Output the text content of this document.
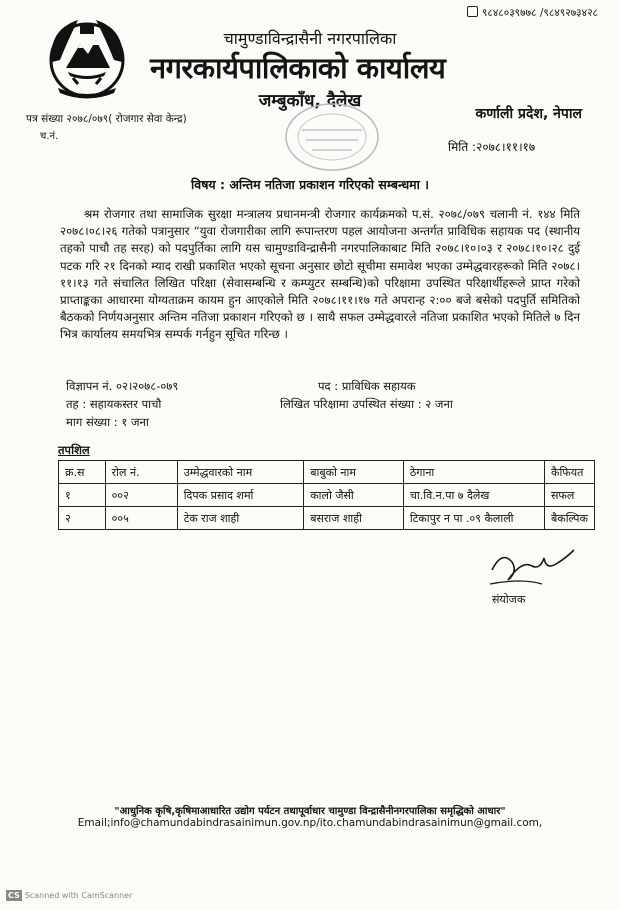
९८४८०३९७७८ /९८४९२७३४२८
चामुण्डाविन्द्रासैनी नगरपालिका
नगरकार्यपालिकाको कार्यालय
जम्बुकाँध, दैलेख
कर्णाली प्रदेश, नेपाल
पत्र संख्या २०७८/०७९( रोजगार सेवा केन्द्र)
च.नं.
मिति :२०७८।११।१७
विषय : अन्तिम नतिजा प्रकाशन गरिएको सम्बन्धमा ।
श्रम रोजगार तथा सामाजिक सुरक्षा मन्त्रालय प्रधानमन्त्री रोजगार कार्यक्रमको प.सं. २०७८/०७९ चलानी नं. १४४ मिति २०७८।०८।२६ गतेको पत्रानुसार “युवा रोजगारीका लागि रूपान्तरण पहल आयोजना अन्तर्गत प्राविधिक सहायक पद (स्थानीय तहको पाचौ तह सरह) को पदपुर्तिका लागि यस चामुण्डाविन्द्रासैनी नगरपालिकाबाट मिति २०७८।१०।०३ र २०७८।१०।२८ दुई पटक गरि २१ दिनको म्याद राखी प्रकाशित भएको सूचना अनुसार छोटो सूचीमा समावेश भएका उम्मेद्धवारहरूको मिति २०७८।११।१३ गते संचालित लिखित परिक्षा (सेवासम्बन्धि र कम्प्युटर सम्बन्धि)को परिक्षामा उपस्थित परिक्षार्थीहरूले प्राप्त गरेको प्राप्ताङ्कका आधारमा योग्यताक्रम कायम हुन आएकोले मिति २०७८।११।१७ गते अपरान्ह २:०० बजे बसेको पदपुर्ति समितिको बैठकको निर्णयअनुसार अन्तिम नतिजा प्रकाशन गरिएको छ । साथै सफल उम्मेद्धवारले नतिजा प्रकाशित भएको मितिले ७ दिन भित्र कार्यालय समयभित्र सम्पर्क गर्नहुन सूचित गरिन्छ ।
विज्ञापन नं. ०२।२०७८-०७९	पद : प्राविधिक सहायक
तह : सहायकस्तर पाचौ	लिखित परिक्षामा उपस्थित संख्या : २ जना
माग संख्या : १ जना
तपशिल
क्र.स	रोल नं.	उम्मेद्धवारको नाम	बाबुको नाम	ठेगाना	कैफियत
१	००२	दिपक प्रसाद शर्मा	कालो जैसी	चा.वि.न.पा ७ दैलेख	सफल
२	००५	टेक राज शाही	बसराज शाही	टिकापुर न पा .०९ कैलाली	बैकल्पिक
संयोजक
"आधुनिक कृषि,कृषिमाआधारित उद्योग पर्यटन तथापूर्वाधार चामुण्डा विन्द्रासैनीनगरपालिका समृद्धिको आधार"
Email;info@chamundabindrasainimun.gov.np/ito.chamundabindrasainimun@gmail.com,
CS Scanned with CamScanner
